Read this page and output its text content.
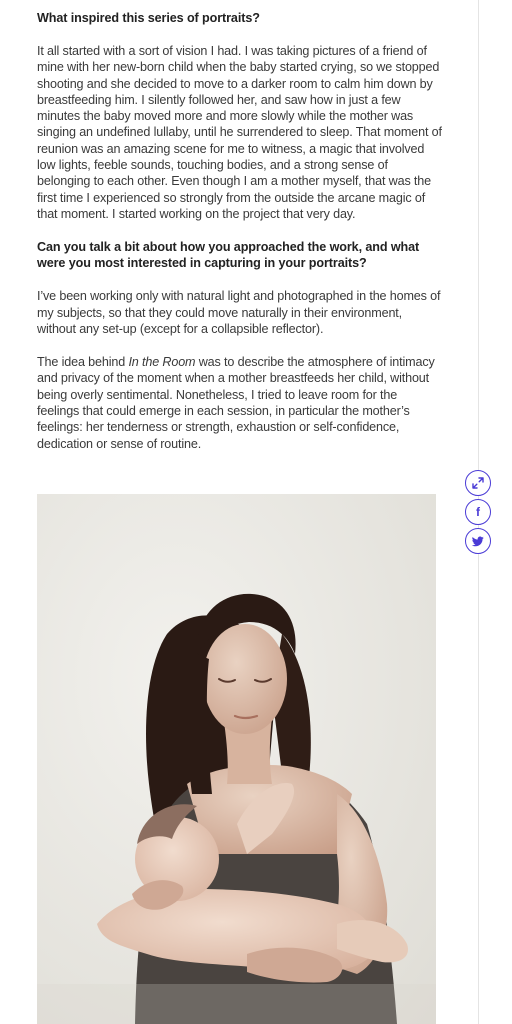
What inspired this series of portraits?
It all started with a sort of vision I had. I was taking pictures of a friend of mine with her new-born child when the baby started crying, so we stopped shooting and she decided to move to a darker room to calm him down by breastfeeding him. I silently followed her, and saw how in just a few minutes the baby moved more and more slowly while the mother was singing an undefined lullaby, until he surrendered to sleep. That moment of reunion was an amazing scene for me to witness, a magic that involved low lights, feeble sounds, touching bodies, and a strong sense of belonging to each other. Even though I am a mother myself, that was the first time I experienced so strongly from the outside the arcane magic of that moment. I started working on the project that very day.
Can you talk a bit about how you approached the work, and what were you most interested in capturing in your portraits?
I’ve been working only with natural light and photographed in the homes of my subjects, so that they could move naturally in their environment, without any set-up (except for a collapsible reflector).
The idea behind In the Room was to describe the atmosphere of intimacy and privacy of the moment when a mother breastfeeds her child, without being overly sentimental. Nonetheless, I tried to leave room for the feelings that could emerge in each session, in particular the mother’s feelings: her tenderness or strength, exhaustion or self-confidence, dedication or sense of routine.
f
